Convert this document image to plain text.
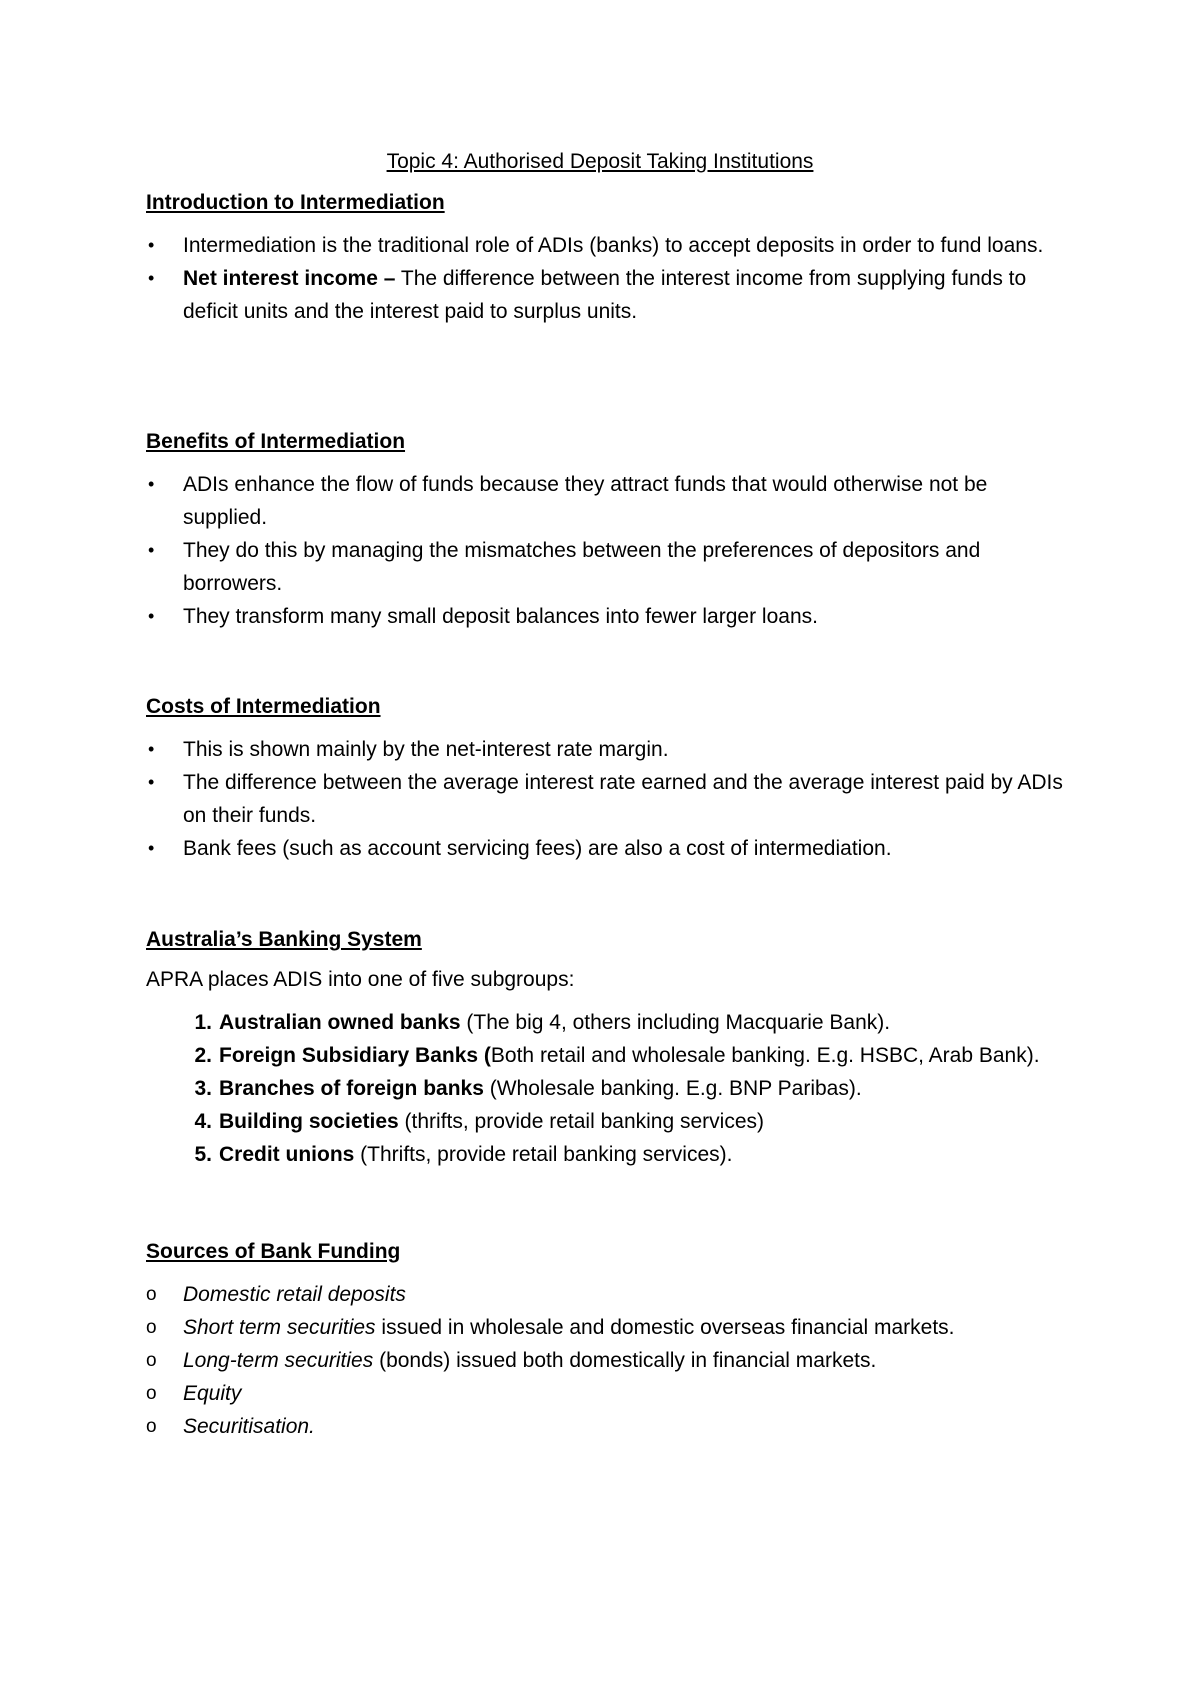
Topic 4: Authorised Deposit Taking Institutions
Introduction to Intermediation
•	Intermediation is the traditional role of ADIs (banks) to accept deposits in order to fund loans.
•	Net interest income – The difference between the interest income from supplying funds to deficit units and the interest paid to surplus units.
Benefits of Intermediation
•	ADIs enhance the flow of funds because they attract funds that would otherwise not be supplied.
•	They do this by managing the mismatches between the preferences of depositors and borrowers.
•	They transform many small deposit balances into fewer larger loans.
Costs of Intermediation
•	This is shown mainly by the net-interest rate margin.
•	The difference between the average interest rate earned and the average interest paid by ADIs on their funds.
•	Bank fees (such as account servicing fees) are also a cost of intermediation.
Australia’s Banking System

APRA places ADIS into one of five subgroups:

1. Australian owned banks (The big 4, others including Macquarie Bank).
2. Foreign Subsidiary Banks (Both retail and wholesale banking. E.g. HSBC, Arab Bank).
3. Branches of foreign banks (Wholesale banking. E.g. BNP Paribas).
4. Building societies (thrifts, provide retail banking services)
5. Credit unions (Thrifts, provide retail banking services).
Sources of Bank Funding
o	Domestic retail deposits
o	Short term securities issued in wholesale and domestic overseas financial markets.
o	Long-term securities (bonds) issued both domestically in financial markets.
o	Equity
o	Securitisation.
